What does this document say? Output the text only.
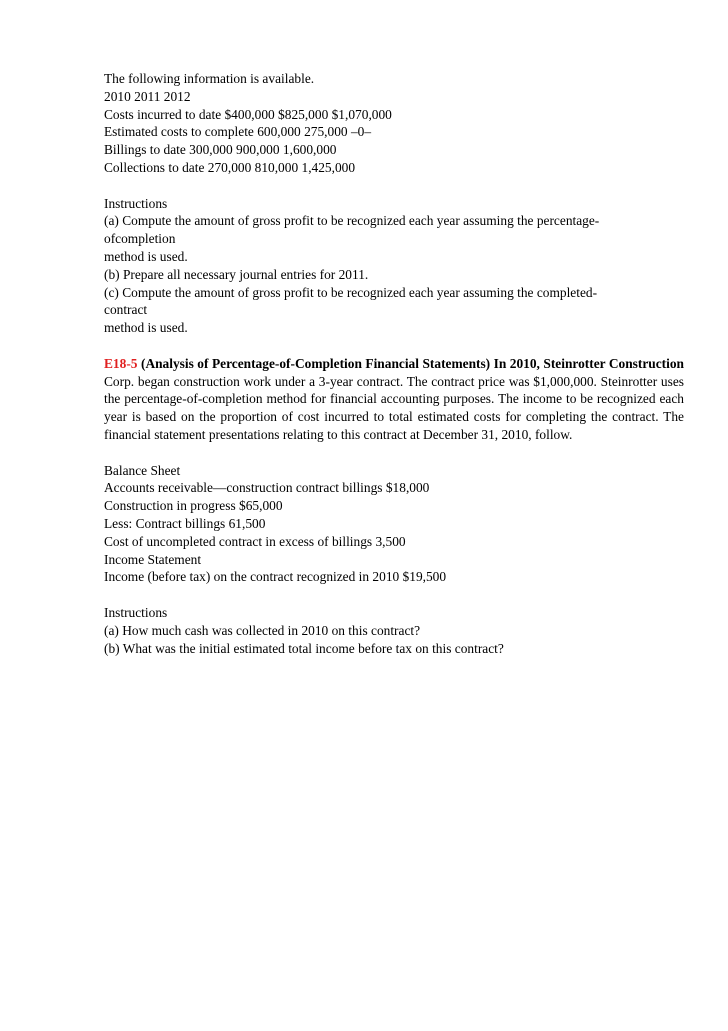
The following information is available.
2010 2011 2012
Costs incurred to date $400,000 $825,000 $1,070,000
Estimated costs to complete 600,000 275,000 –0–
Billings to date 300,000 900,000 1,600,000
Collections to date 270,000 810,000 1,425,000
Instructions
(a) Compute the amount of gross profit to be recognized each year assuming the percentage-
ofcompletion
method is used.
(b) Prepare all necessary journal entries for 2011.
(c) Compute the amount of gross profit to be recognized each year assuming the completed-
contract
method is used.
E18-5 (Analysis of Percentage-of-Completion Financial Statements) In 2010, Steinrotter Construction Corp. began construction work under a 3-year contract. The contract price was $1,000,000. Steinrotter uses the percentage-of-completion method for financial accounting purposes. The income to be recognized each year is based on the proportion of cost incurred to total estimated costs for completing the contract. The financial statement presentations relating to this contract at December 31, 2010, follow.
Balance Sheet
Accounts receivable—construction contract billings $18,000
Construction in progress $65,000
Less: Contract billings 61,500
Cost of uncompleted contract in excess of billings 3,500
Income Statement
Income (before tax) on the contract recognized in 2010 $19,500
Instructions
(a) How much cash was collected in 2010 on this contract?
(b) What was the initial estimated total income before tax on this contract?
